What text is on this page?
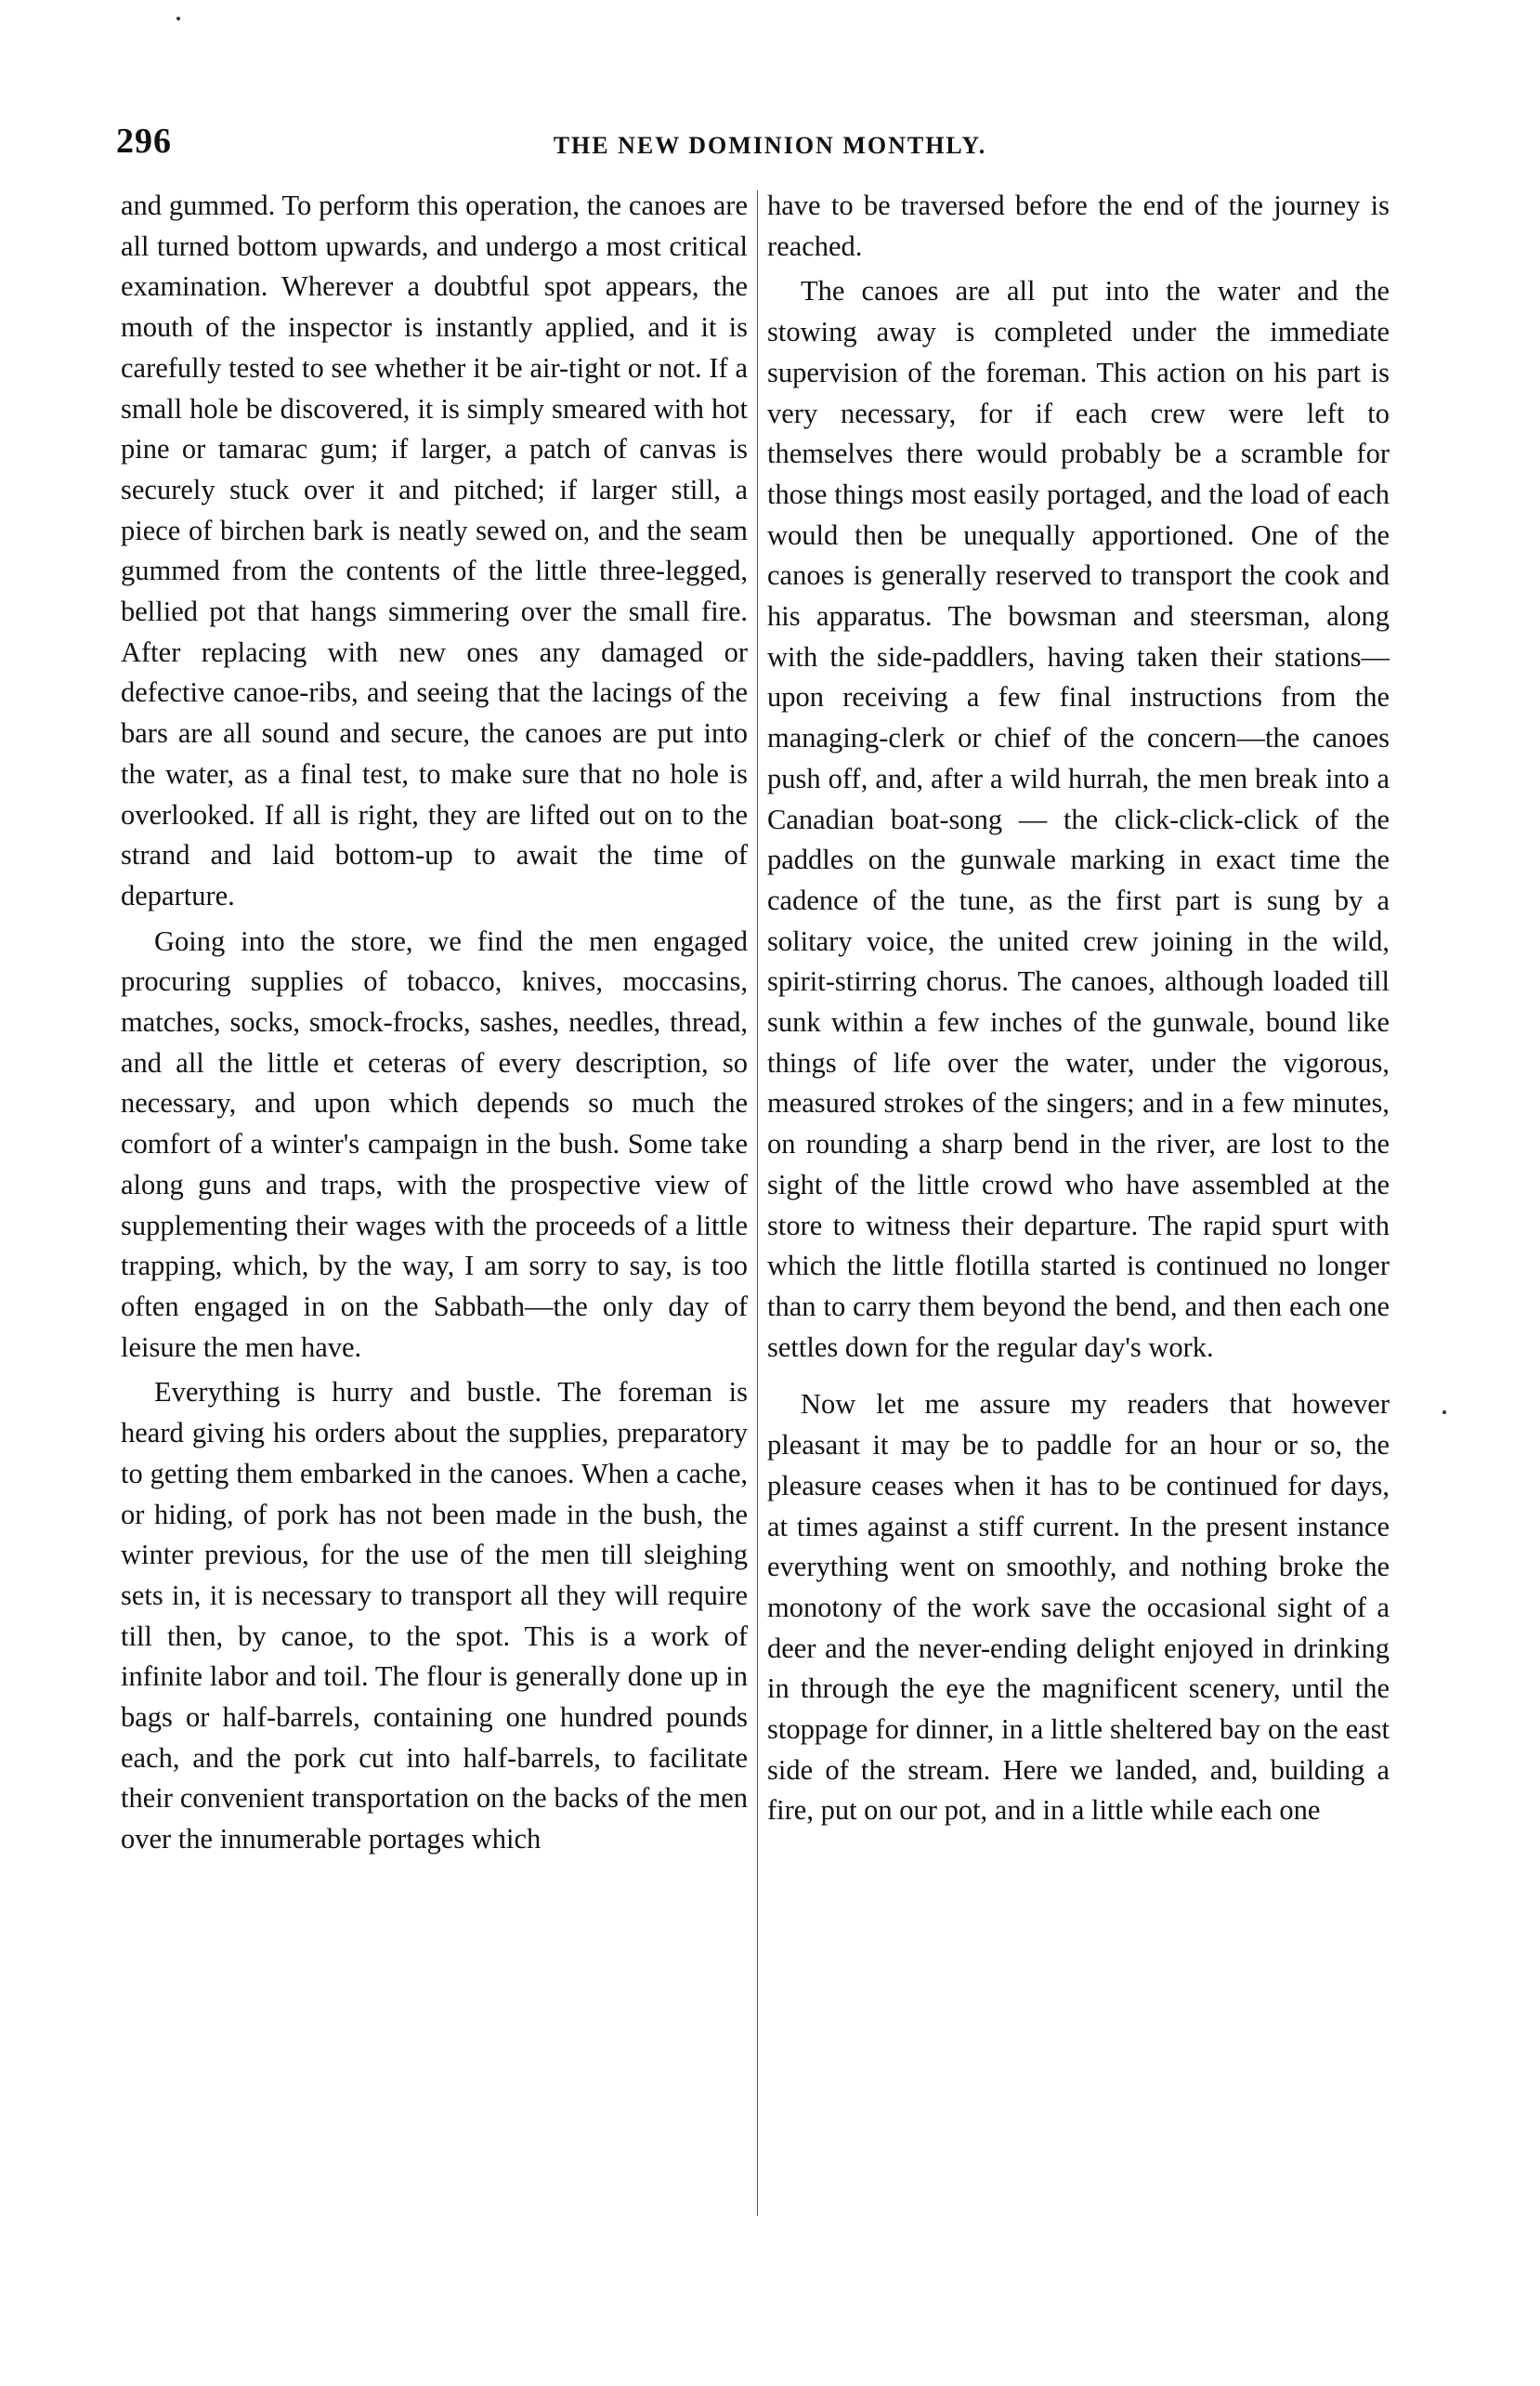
296	THE NEW DOMINION MONTHLY.

and gummed. To perform this operation, the canoes are all turned bottom upwards, and undergo a most critical examination. Wherever a doubtful spot appears, the mouth of the inspector is instantly applied, and it is carefully tested to see whether it be air-tight or not. If a small hole be discovered, it is simply smeared with hot pine or tamarac gum; if larger, a patch of canvas is securely stuck over it and pitched; if larger still, a piece of birchen bark is neatly sewed on, and the seam gummed from the contents of the little three-legged, bellied pot that hangs simmering over the small fire. After replacing with new ones any damaged or defective canoe-ribs, and seeing that the lacings of the bars are all sound and secure, the canoes are put into the water, as a final test, to make sure that no hole is overlooked. If all is right, they are lifted out on to the strand and laid bottom-up to await the time of departure.

Going into the store, we find the men engaged procuring supplies of tobacco, knives, moccasins, matches, socks, smock-frocks, sashes, needles, thread, and all the little et ceteras of every description, so necessary, and upon which depends so much the comfort of a winter's campaign in the bush. Some take along guns and traps, with the prospective view of supplementing their wages with the proceeds of a little trapping, which, by the way, I am sorry to say, is too often engaged in on the Sabbath—the only day of leisure the men have.

Everything is hurry and bustle. The foreman is heard giving his orders about the supplies, preparatory to getting them embarked in the canoes. When a cache, or hiding, of pork has not been made in the bush, the winter previous, for the use of the men till sleighing sets in, it is necessary to transport all they will require till then, by canoe, to the spot. This is a work of infinite labor and toil. The flour is generally done up in bags or half-barrels, containing one hundred pounds each, and the pork cut into half-barrels, to facilitate their convenient transportation on the backs of the men over the innumerable portages which

have to be traversed before the end of the journey is reached.

The canoes are all put into the water and the stowing away is completed under the immediate supervision of the foreman. This action on his part is very necessary, for if each crew were left to themselves there would probably be a scramble for those things most easily portaged, and the load of each would then be unequally apportioned. One of the canoes is generally reserved to transport the cook and his apparatus. The bowsman and steersman, along with the side-paddlers, having taken their stations—upon receiving a few final instructions from the managing-clerk or chief of the concern—the canoes push off, and, after a wild hurrah, the men break into a Canadian boat-song — the click-click-click of the paddles on the gunwale marking in exact time the cadence of the tune, as the first part is sung by a solitary voice, the united crew joining in the wild, spirit-stirring chorus. The canoes, although loaded till sunk within a few inches of the gunwale, bound like things of life over the water, under the vigorous, measured strokes of the singers; and in a few minutes, on rounding a sharp bend in the river, are lost to the sight of the little crowd who have assembled at the store to witness their departure. The rapid spurt with which the little flotilla started is continued no longer than to carry them beyond the bend, and then each one settles down for the regular day's work.

Now let me assure my readers that however pleasant it may be to paddle for an hour or so, the pleasure ceases when it has to be continued for days, at times against a stiff current. In the present instance everything went on smoothly, and nothing broke the monotony of the work save the occasional sight of a deer and the never-ending delight enjoyed in drinking in through the eye the magnificent scenery, until the stoppage for dinner, in a little sheltered bay on the east side of the stream. Here we landed, and, building a fire, put on our pot, and in a little while each one
